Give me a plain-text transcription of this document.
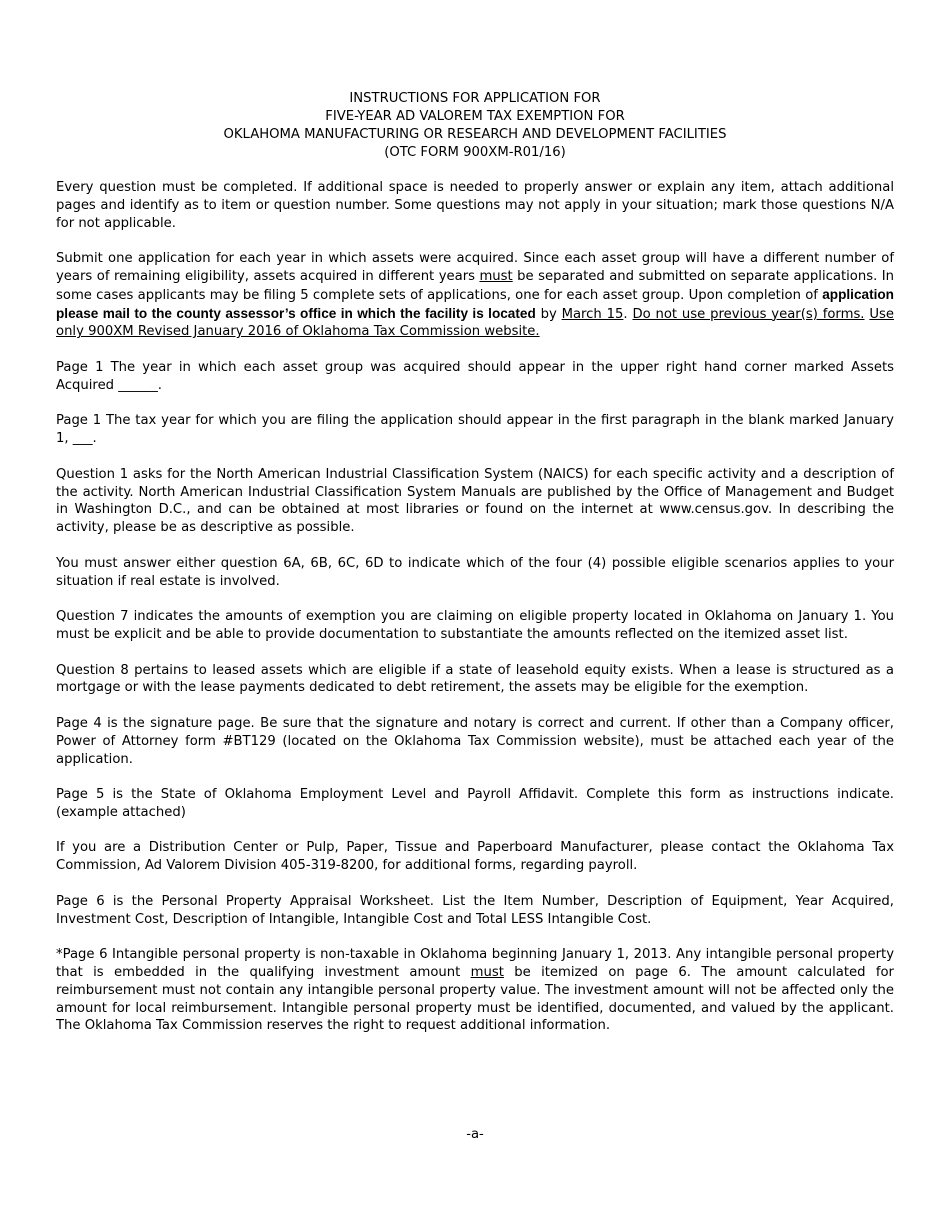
INSTRUCTIONS FOR APPLICATION FOR
FIVE-YEAR AD VALOREM TAX EXEMPTION FOR
OKLAHOMA MANUFACTURING OR RESEARCH AND DEVELOPMENT FACILITIES
(OTC FORM 900XM-R01/16)

Every question must be completed. If additional space is needed to properly answer or explain any item, attach additional pages and identify as to item or question number. Some questions may not apply in your situation; mark those questions N/A for not applicable.

Submit one application for each year in which assets were acquired. Since each asset group will have a different number of years of remaining eligibility, assets acquired in different years must be separated and submitted on separate applications. In some cases applicants may be filing 5 complete sets of applications, one for each asset group. Upon completion of application please mail to the county assessor’s office in which the facility is located by March 15. Do not use previous year(s) forms. Use only 900XM Revised January 2016 of Oklahoma Tax Commission website.

Page 1 The year in which each asset group was acquired should appear in the upper right hand corner marked Assets Acquired ______.

Page 1 The tax year for which you are filing the application should appear in the first paragraph in the blank marked January 1, ___.

Question 1 asks for the North American Industrial Classification System (NAICS) for each specific activity and a description of the activity. North American Industrial Classification System Manuals are published by the Office of Management and Budget in Washington D.C., and can be obtained at most libraries or found on the internet at www.census.gov. In describing the activity, please be as descriptive as possible.

You must answer either question 6A, 6B, 6C, 6D to indicate which of the four (4) possible eligible scenarios applies to your situation if real estate is involved.

Question 7 indicates the amounts of exemption you are claiming on eligible property located in Oklahoma on January 1. You must be explicit and be able to provide documentation to substantiate the amounts reflected on the itemized asset list.

Question 8 pertains to leased assets which are eligible if a state of leasehold equity exists. When a lease is structured as a mortgage or with the lease payments dedicated to debt retirement, the assets may be eligible for the exemption.

Page 4 is the signature page. Be sure that the signature and notary is correct and current. If other than a Company officer, Power of Attorney form #BT129 (located on the Oklahoma Tax Commission website), must be attached each year of the application.

Page 5 is the State of Oklahoma Employment Level and Payroll Affidavit. Complete this form as instructions indicate. (example attached)

If you are a Distribution Center or Pulp, Paper, Tissue and Paperboard Manufacturer, please contact the Oklahoma Tax Commission, Ad Valorem Division 405-319-8200, for additional forms, regarding payroll.

Page 6 is the Personal Property Appraisal Worksheet. List the Item Number, Description of Equipment, Year Acquired, Investment Cost, Description of Intangible, Intangible Cost and Total LESS Intangible Cost.

*Page 6 Intangible personal property is non-taxable in Oklahoma beginning January 1, 2013. Any intangible personal property that is embedded in the qualifying investment amount must be itemized on page 6. The amount calculated for reimbursement must not contain any intangible personal property value. The investment amount will not be affected only the amount for local reimbursement. Intangible personal property must be identified, documented, and valued by the applicant. The Oklahoma Tax Commission reserves the right to request additional information.

-a-
